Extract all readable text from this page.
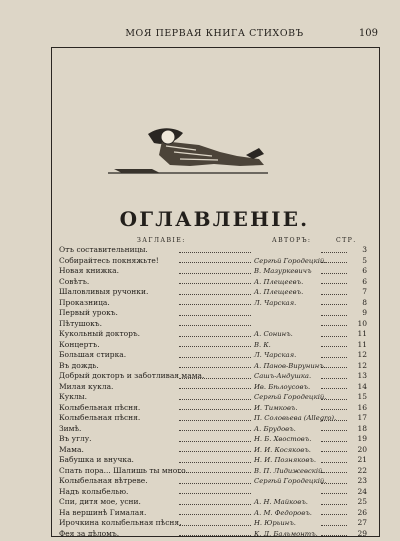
МОЯ ПЕРВАЯ КНИГА СТИХОВЪ	109
ОГЛАВЛЕНІЕ.
ЗАГЛАВІЕ:	АВТОРЪ:	СТР.
Отъ составительницы.	3
Собирайтесь покняжьте!	Сергѣй Городецкій.	5
Новая книжка.	В. Мазуркевичъ	6
Совѣтъ.	А. Плещеевъ.	6
Шаловливыя ручонки.	А. Плещеевъ.	7
Проказница.	Л. Чарская.	8
Первый урокъ.	9
Пѣтушокъ.	10
Кукольный докторъ.	А. Сонинъ.	11
Концертъ.	В. К.	11
Большая стирка.	Л. Чарская.	12
Въ дождь.	А. Панов-Вирунинъ.	12
Добрый докторъ и заботливая мама.	Сашъ-Андушка.	13
Милая кукла.	Ив. Бѣлоусовъ.	14
Куклы.	Сергѣй Городецкій.	15
Колыбельная пѣсня.	И. Тимковъ.	16
Колыбельная пѣсня.	П. Соловьева (Allegro).	17
Зимѣ.	А. Брудовъ.	18
Въ углу.	Н. Б. Хвостовъ.	19
Мама.	И. И. Косяковъ.	20
Бабушка и внучка.	Н. И. Позняковъ.	21
Спать пора... Шалишь ты много.	В. П. Лидижевскій.	22
Колыбельная вѣтреве.	Сергѣй Городецкій.	23
Надъ колыбелью.	24
Спи, дитя мое, усни.	А. Н. Майковъ.	25
На вершинѣ Гималая.	А. М. Федоровъ.	26
Ирочкина колыбельная пѣсня.	Н. Юрьинъ.	27
Фея за дѣломъ.	К. Д. Бальмонтъ.	29
